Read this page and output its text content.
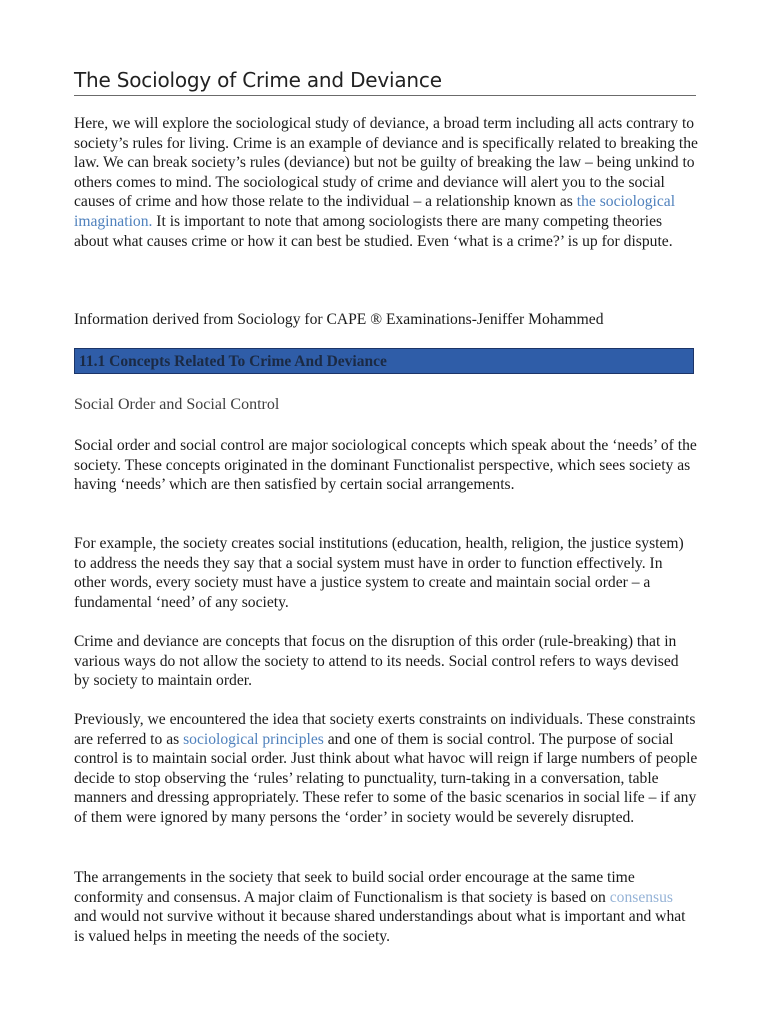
The Sociology of Crime and Deviance

Here, we will explore the sociological study of deviance, a broad term including all acts contrary to society’s rules for living. Crime is an example of deviance and is specifically related to breaking the law. We can break society’s rules (deviance) but not be guilty of breaking the law – being unkind to others comes to mind. The sociological study of crime and deviance will alert you to the social causes of crime and how those relate to the individual – a relationship known as the sociological imagination. It is important to note that among sociologists there are many competing theories about what causes crime or how it can best be studied. Even ‘what is a crime?’ is up for dispute.

Information derived from Sociology for CAPE ® Examinations-Jeniffer Mohammed

11.1 Concepts Related To Crime And Deviance
Social Order and Social Control

Social order and social control are major sociological concepts which speak about the ‘needs’ of the society. These concepts originated in the dominant Functionalist perspective, which sees society as having ‘needs’ which are then satisfied by certain social arrangements.

For example, the society creates social institutions (education, health, religion, the justice system) to address the needs they say that a social system must have in order to function effectively. In other words, every society must have a justice system to create and maintain social order – a fundamental ‘need’ of any society.

Crime and deviance are concepts that focus on the disruption of this order (rule-breaking) that in various ways do not allow the society to attend to its needs. Social control refers to ways devised by society to maintain order.

Previously, we encountered the idea that society exerts constraints on individuals. These constraints are referred to as sociological principles and one of them is social control. The purpose of social control is to maintain social order. Just think about what havoc will reign if large numbers of people decide to stop observing the ‘rules’ relating to punctuality, turn-taking in a conversation, table manners and dressing appropriately. These refer to some of the basic scenarios in social life – if any of them were ignored by many persons the ‘order’ in society would be severely disrupted.

The arrangements in the society that seek to build social order encourage at the same time conformity and consensus. A major claim of Functionalism is that society is based on consensus and would not survive without it because shared understandings about what is important and what is valued helps in meeting the needs of the society.
